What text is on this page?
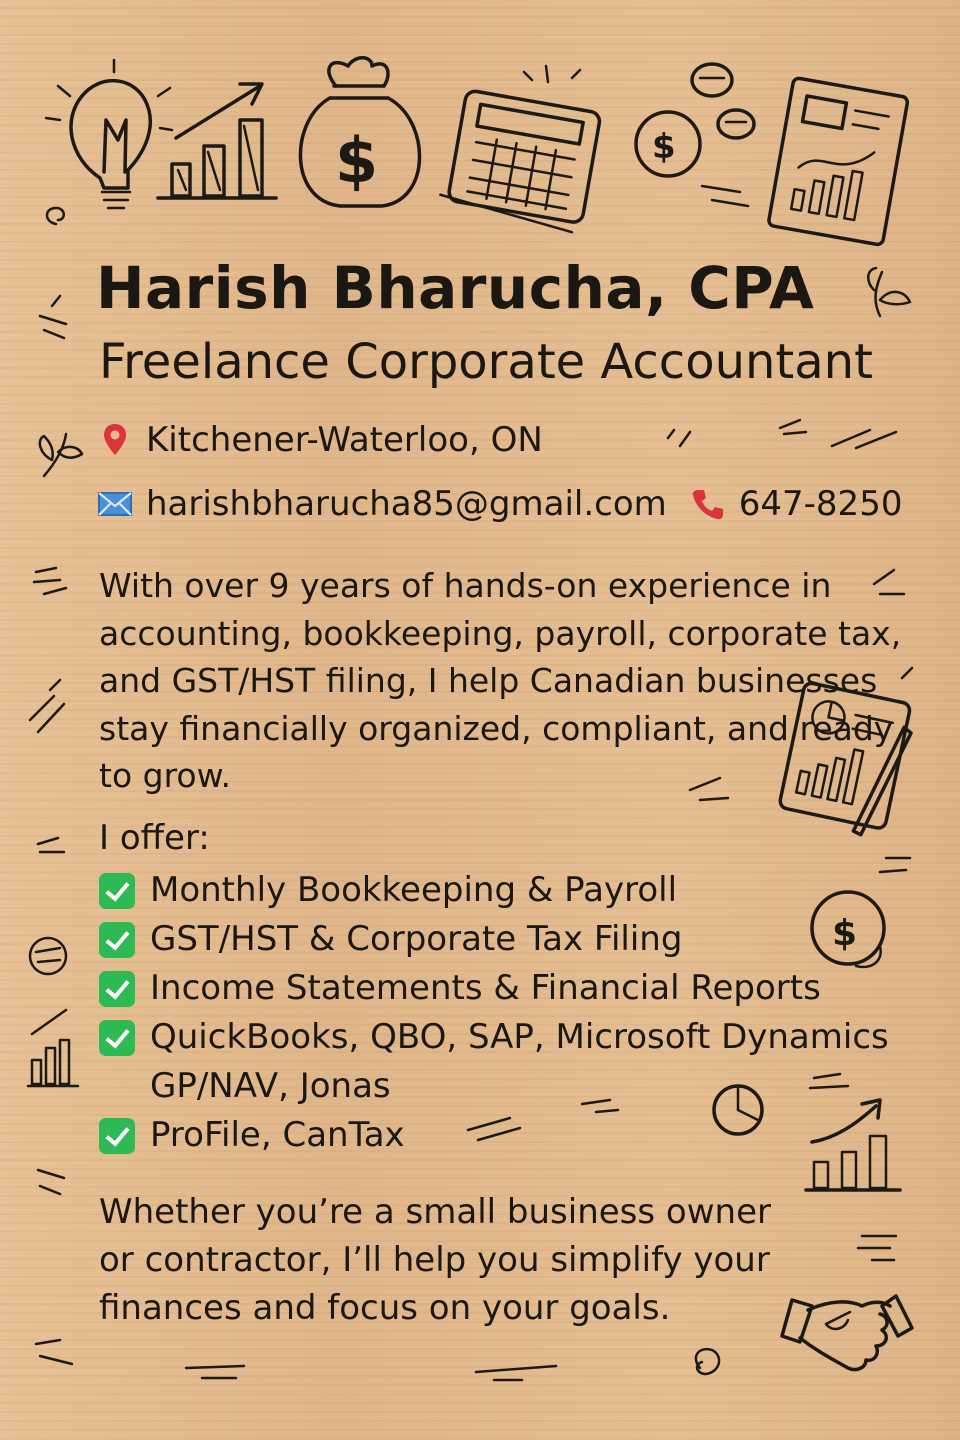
$	$
$
Harish Bharucha, CPA
Freelance Corporate Accountant
Kitchener-Waterloo, ON
harishbharucha85@gmail.com 647-8250
With over 9 years of hands-on experience in accounting, bookkeeping, payroll, corporate tax, and GST/HST filing, I help Canadian businesses stay financially organized, compliant, and ready to grow.
I offer:
Monthly Bookkeeping & Payroll
GST/HST & Corporate Tax Filing
Income Statements & Financial Reports
QuickBooks, QBO, SAP, Microsoft Dynamics GP/NAV, Jonas
ProFile, CanTax
Whether you’re a small business owner or contractor, I’ll help you simplify your finances and focus on your goals.
